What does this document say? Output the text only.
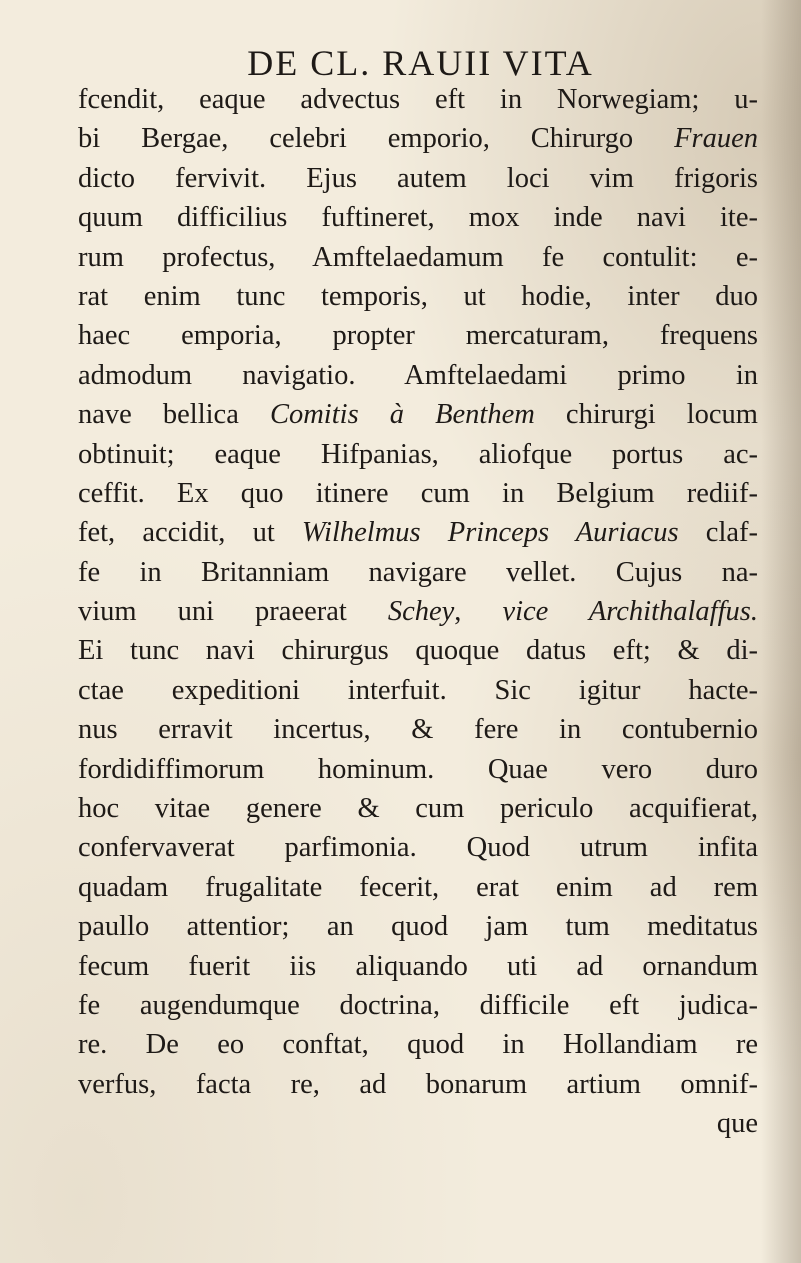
DE CL. RAUII VITA
fcendit, eaque advectus eft in Norwegiam; u-
bi Bergae, celebri emporio, Chirurgo Frauen
dicto fervivit. Ejus autem loci vim frigoris
quum difficilius fuftineret, mox inde navi ite-
rum profectus, Amftelaedamum fe contulit: e-
rat enim tunc temporis, ut hodie, inter duo
haec emporia, propter mercaturam, frequens
admodum navigatio. Amftelaedami primo in
nave bellica Comitis à Benthem chirurgi locum
obtinuit; eaque Hifpanias, aliofque portus ac-
ceffit. Ex quo itinere cum in Belgium rediif-
fet, accidit, ut Wilhelmus Princeps Auriacus claf-
fe in Britanniam navigare vellet. Cujus na-
vium uni praeerat Schey, vice Archithalaffus.
Ei tunc navi chirurgus quoque datus eft; & di-
ctae expeditioni interfuit. Sic igitur hacte-
nus erravit incertus, & fere in contubernio
fordidiffimorum hominum. Quae vero duro
hoc vitae genere & cum periculo acquifierat,
confervaverat parfimonia. Quod utrum infita
quadam frugalitate fecerit, erat enim ad rem
paullo attentior; an quod jam tum meditatus
fecum fuerit iis aliquando uti ad ornandum
fe augendumque doctrina, difficile eft judica-
re. De eo conftat, quod in Hollandiam re
verfus, facta re, ad bonarum artium omnif-
que
